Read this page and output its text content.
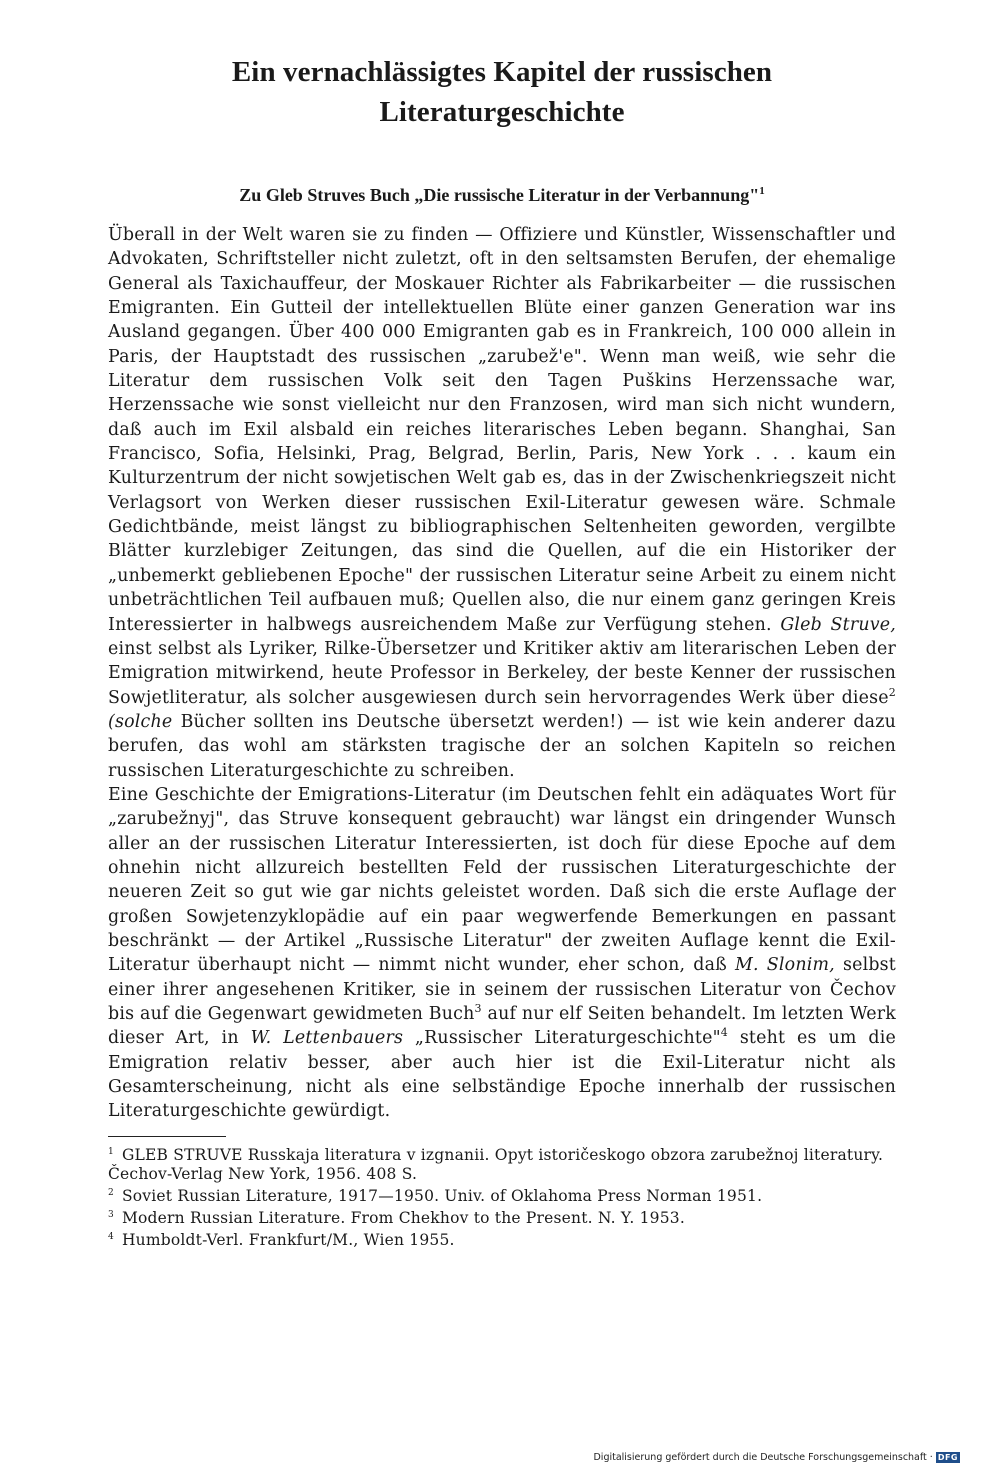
Ein vernachlässigtes Kapitel der russischen
Literaturgeschichte
Zu Gleb Struves Buch „Die russische Literatur in der Verbannung"$^1$

Überall in der Welt waren sie zu finden — Offiziere und Künstler, Wissenschaftler und Advokaten, Schriftsteller nicht zuletzt, oft in den seltsamsten Berufen, der ehemalige General als Taxichauffeur, der Moskauer Richter als Fabrikarbeiter — die russischen Emigranten. Ein Gutteil der intellektuellen Blüte einer ganzen Generation war ins Ausland gegangen. Über 400 000 Emigranten gab es in Frankreich, 100 000 allein in Paris, der Hauptstadt des russischen „zarubež'e". Wenn man weiß, wie sehr die Literatur dem russischen Volk seit den Tagen Puškins Herzenssache war, Herzenssache wie sonst vielleicht nur den Franzosen, wird man sich nicht wundern, daß auch im Exil alsbald ein reiches literarisches Leben begann. Shanghai, San Francisco, Sofia, Helsinki, Prag, Belgrad, Berlin, Paris, New York . . . kaum ein Kulturzentrum der nicht sowjetischen Welt gab es, das in der Zwischenkriegszeit nicht Verlagsort von Werken dieser russischen Exil-Literatur gewesen wäre. Schmale Gedichtbände, meist längst zu bibliographischen Seltenheiten geworden, vergilbte Blätter kurzlebiger Zeitungen, das sind die Quellen, auf die ein Historiker der „unbemerkt gebliebenen Epoche" der russischen Literatur seine Arbeit zu einem nicht unbeträchtlichen Teil aufbauen muß; Quellen also, die nur einem ganz geringen Kreis Interessierter in halbwegs ausreichendem Maße zur Verfügung stehen. Gleb Struve, einst selbst als Lyriker, Rilke-Übersetzer und Kritiker aktiv am literarischen Leben der Emigration mitwirkend, heute Professor in Berkeley, der beste Kenner der russischen Sowjetliteratur, als solcher ausgewiesen durch sein hervorragendes Werk über diese$^2$ (solche Bücher sollten ins Deutsche übersetzt werden!) — ist wie kein anderer dazu berufen, das wohl am stärksten tragische der an solchen Kapiteln so reichen russischen Literaturgeschichte zu schreiben.

Eine Geschichte der Emigrations-Literatur (im Deutschen fehlt ein adäquates Wort für „zarubežnyj", das Struve konsequent gebraucht) war längst ein dringender Wunsch aller an der russischen Literatur Interessierten, ist doch für diese Epoche auf dem ohnehin nicht allzureich bestellten Feld der russischen Literaturgeschichte der neueren Zeit so gut wie gar nichts geleistet worden. Daß sich die erste Auflage der großen Sowjetenzyklopädie auf ein paar wegwerfende Bemerkungen en passant beschränkt — der Artikel „Russische Literatur" der zweiten Auflage kennt die Exil-Literatur überhaupt nicht — nimmt nicht wunder, eher schon, daß M. Slonim, selbst einer ihrer angesehenen Kritiker, sie in seinem der russischen Literatur von Čechov bis auf die Gegenwart gewidmeten Buch$^3$ auf nur elf Seiten behandelt. Im letzten Werk dieser Art, in W. Lettenbauers „Russischer Literaturgeschichte"$^4$ steht es um die Emigration relativ besser, aber auch hier ist die Exil-Literatur nicht als Gesamterscheinung, nicht als eine selbständige Epoche innerhalb der russischen Literaturgeschichte gewürdigt.

$^1$ GLEB STRUVE Russkaja literatura v izgnanii. Opyt istoričeskogo obzora zarubežnoj literatury. Čechov-Verlag New York, 1956. 408 S.

$^2$ Soviet Russian Literature, 1917—1950. Univ. of Oklahoma Press Norman 1951.

$^3$ Modern Russian Literature. From Chekhov to the Present. N. Y. 1953.

$^4$ Humboldt-Verl. Frankfurt/M., Wien 1955.

Digitalisierung gefördert durch die Deutsche Forschungsgemeinschaft · DFG
